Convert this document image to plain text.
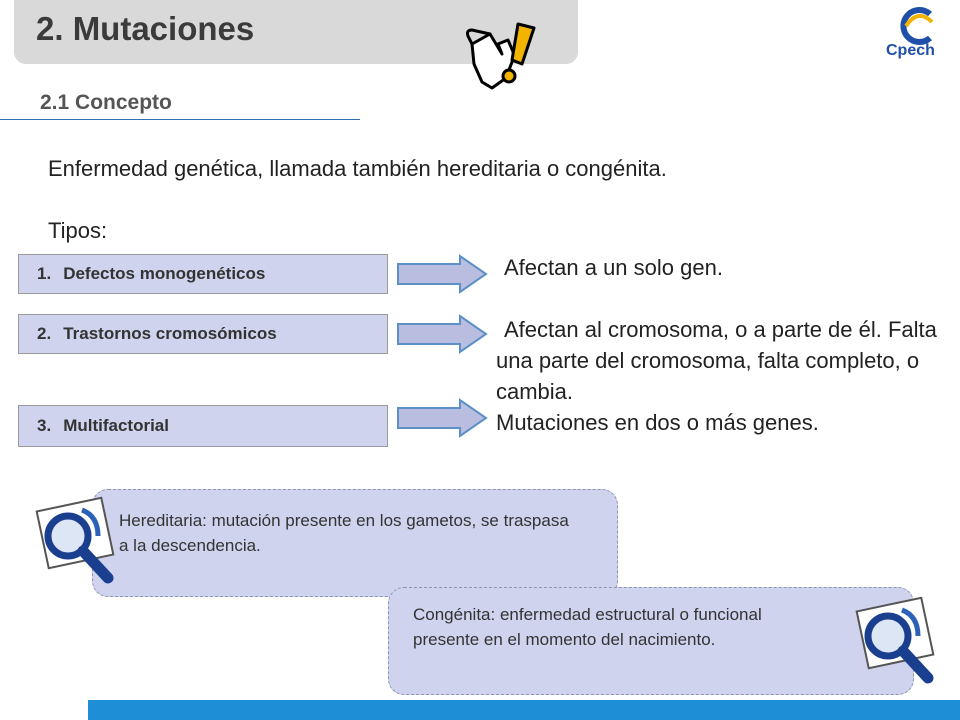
2. Mutaciones
Cpech
2.1 Concepto
Enfermedad genética, llamada también hereditaria o congénita.
Tipos:
1. Defectos monogenéticos	Afectan a un solo gen.
2. Trastornos cromosómicos	Afectan al cromosoma, o a parte de él. Falta una parte del cromosoma, falta completo, o cambia.
3. Multifactorial	Mutaciones en dos o más genes.
Hereditaria: mutación presente en los gametos, se traspasa a la descendencia.
Congénita: enfermedad estructural o funcional presente en el momento del nacimiento.
